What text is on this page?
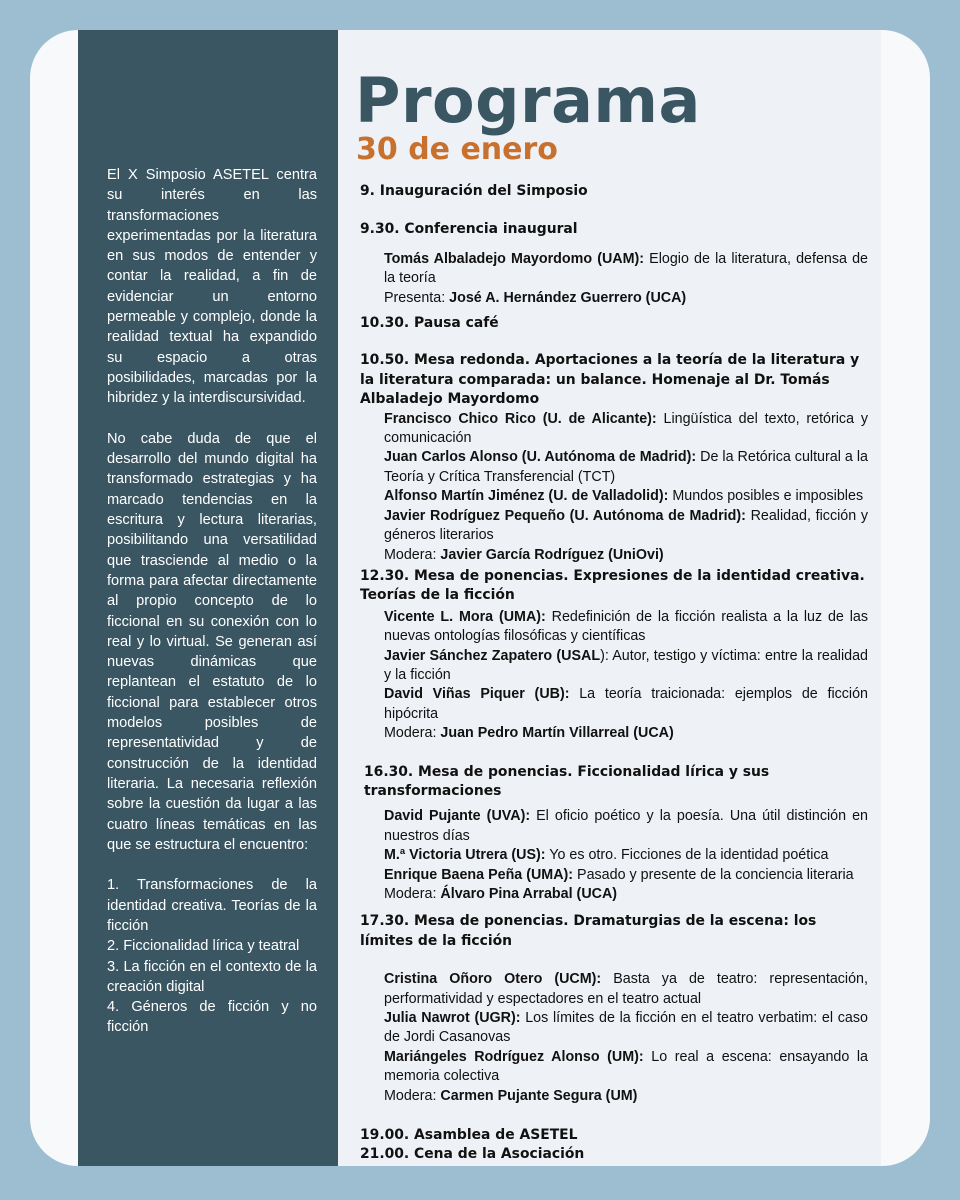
El X Simposio ASETEL centra su interés en las transformaciones experimentadas por la literatura en sus modos de entender y contar la realidad, a fin de evidenciar un entorno permeable y complejo, donde la realidad textual ha expandido su espacio a otras posibilidades, marcadas por la hibridez y la interdiscursividad.

No cabe duda de que el desarrollo del mundo digital ha transformado estrategias y ha marcado tendencias en la escritura y lectura literarias, posibilitando una versatilidad que trasciende al medio o la forma para afectar directamente al propio concepto de lo ficcional en su conexión con lo real y lo virtual. Se generan así nuevas dinámicas que replantean el estatuto de lo ficcional para establecer otros modelos posibles de representatividad y de construcción de la identidad literaria. La necesaria reflexión sobre la cuestión da lugar a las cuatro líneas temáticas en las que se estructura el encuentro:

1. Transformaciones de la identidad creativa. Teorías de la ficción
2. Ficcionalidad lírica y teatral
3. La ficción en el contexto de la creación digital
4. Géneros de ficción y no ficción
Programa
30 de enero

9. Inauguración del Simposio

9.30. Conferencia inaugural

Tomás Albaladejo Mayordomo (UAM): Elogio de la literatura, defensa de la teoría

Presenta: José A. Hernández Guerrero (UCA)

10.30. Pausa café

10.50. Mesa redonda. Aportaciones a la teoría de la literatura y la literatura comparada: un balance. Homenaje al Dr. Tomás Albaladejo Mayordomo

Francisco Chico Rico (U. de Alicante): Lingüística del texto, retórica y comunicación

Juan Carlos Alonso (U. Autónoma de Madrid): De la Retórica cultural a la Teoría y Crítica Transferencial (TCT)

Alfonso Martín Jiménez (U. de Valladolid): Mundos posibles e imposibles

Javier Rodríguez Pequeño (U. Autónoma de Madrid): Realidad, ficción y géneros literarios

Modera: Javier García Rodríguez (UniOvi)

12.30. Mesa de ponencias. Expresiones de la identidad creativa. Teorías de la ficción

Vicente L. Mora (UMA): Redefinición de la ficción realista a la luz de las nuevas ontologías filosóficas y científicas

Javier Sánchez Zapatero (USAL): Autor, testigo y víctima: entre la realidad y la ficción

David Viñas Piquer (UB): La teoría traicionada: ejemplos de ficción hipócrita

Modera: Juan Pedro Martín Villarreal (UCA)

16.30. Mesa de ponencias. Ficcionalidad lírica y sus transformaciones

David Pujante (UVA): El oficio poético y la poesía. Una útil distinción en nuestros días

M.ª Victoria Utrera (US): Yo es otro. Ficciones de la identidad poética

Enrique Baena Peña (UMA): Pasado y presente de la conciencia literaria

Modera: Álvaro Pina Arrabal (UCA)

17.30. Mesa de ponencias. Dramaturgias de la escena: los límites de la ficción

Cristina Oñoro Otero (UCM): Basta ya de teatro: representación, performatividad y espectadores en el teatro actual

Julia Nawrot (UGR): Los límites de la ficción en el teatro verbatim: el caso de Jordi Casanovas

Mariángeles Rodríguez Alonso (UM): Lo real a escena: ensayando la memoria colectiva

Modera: Carmen Pujante Segura (UM)

19.00. Asamblea de ASETEL

21.00. Cena de la Asociación
